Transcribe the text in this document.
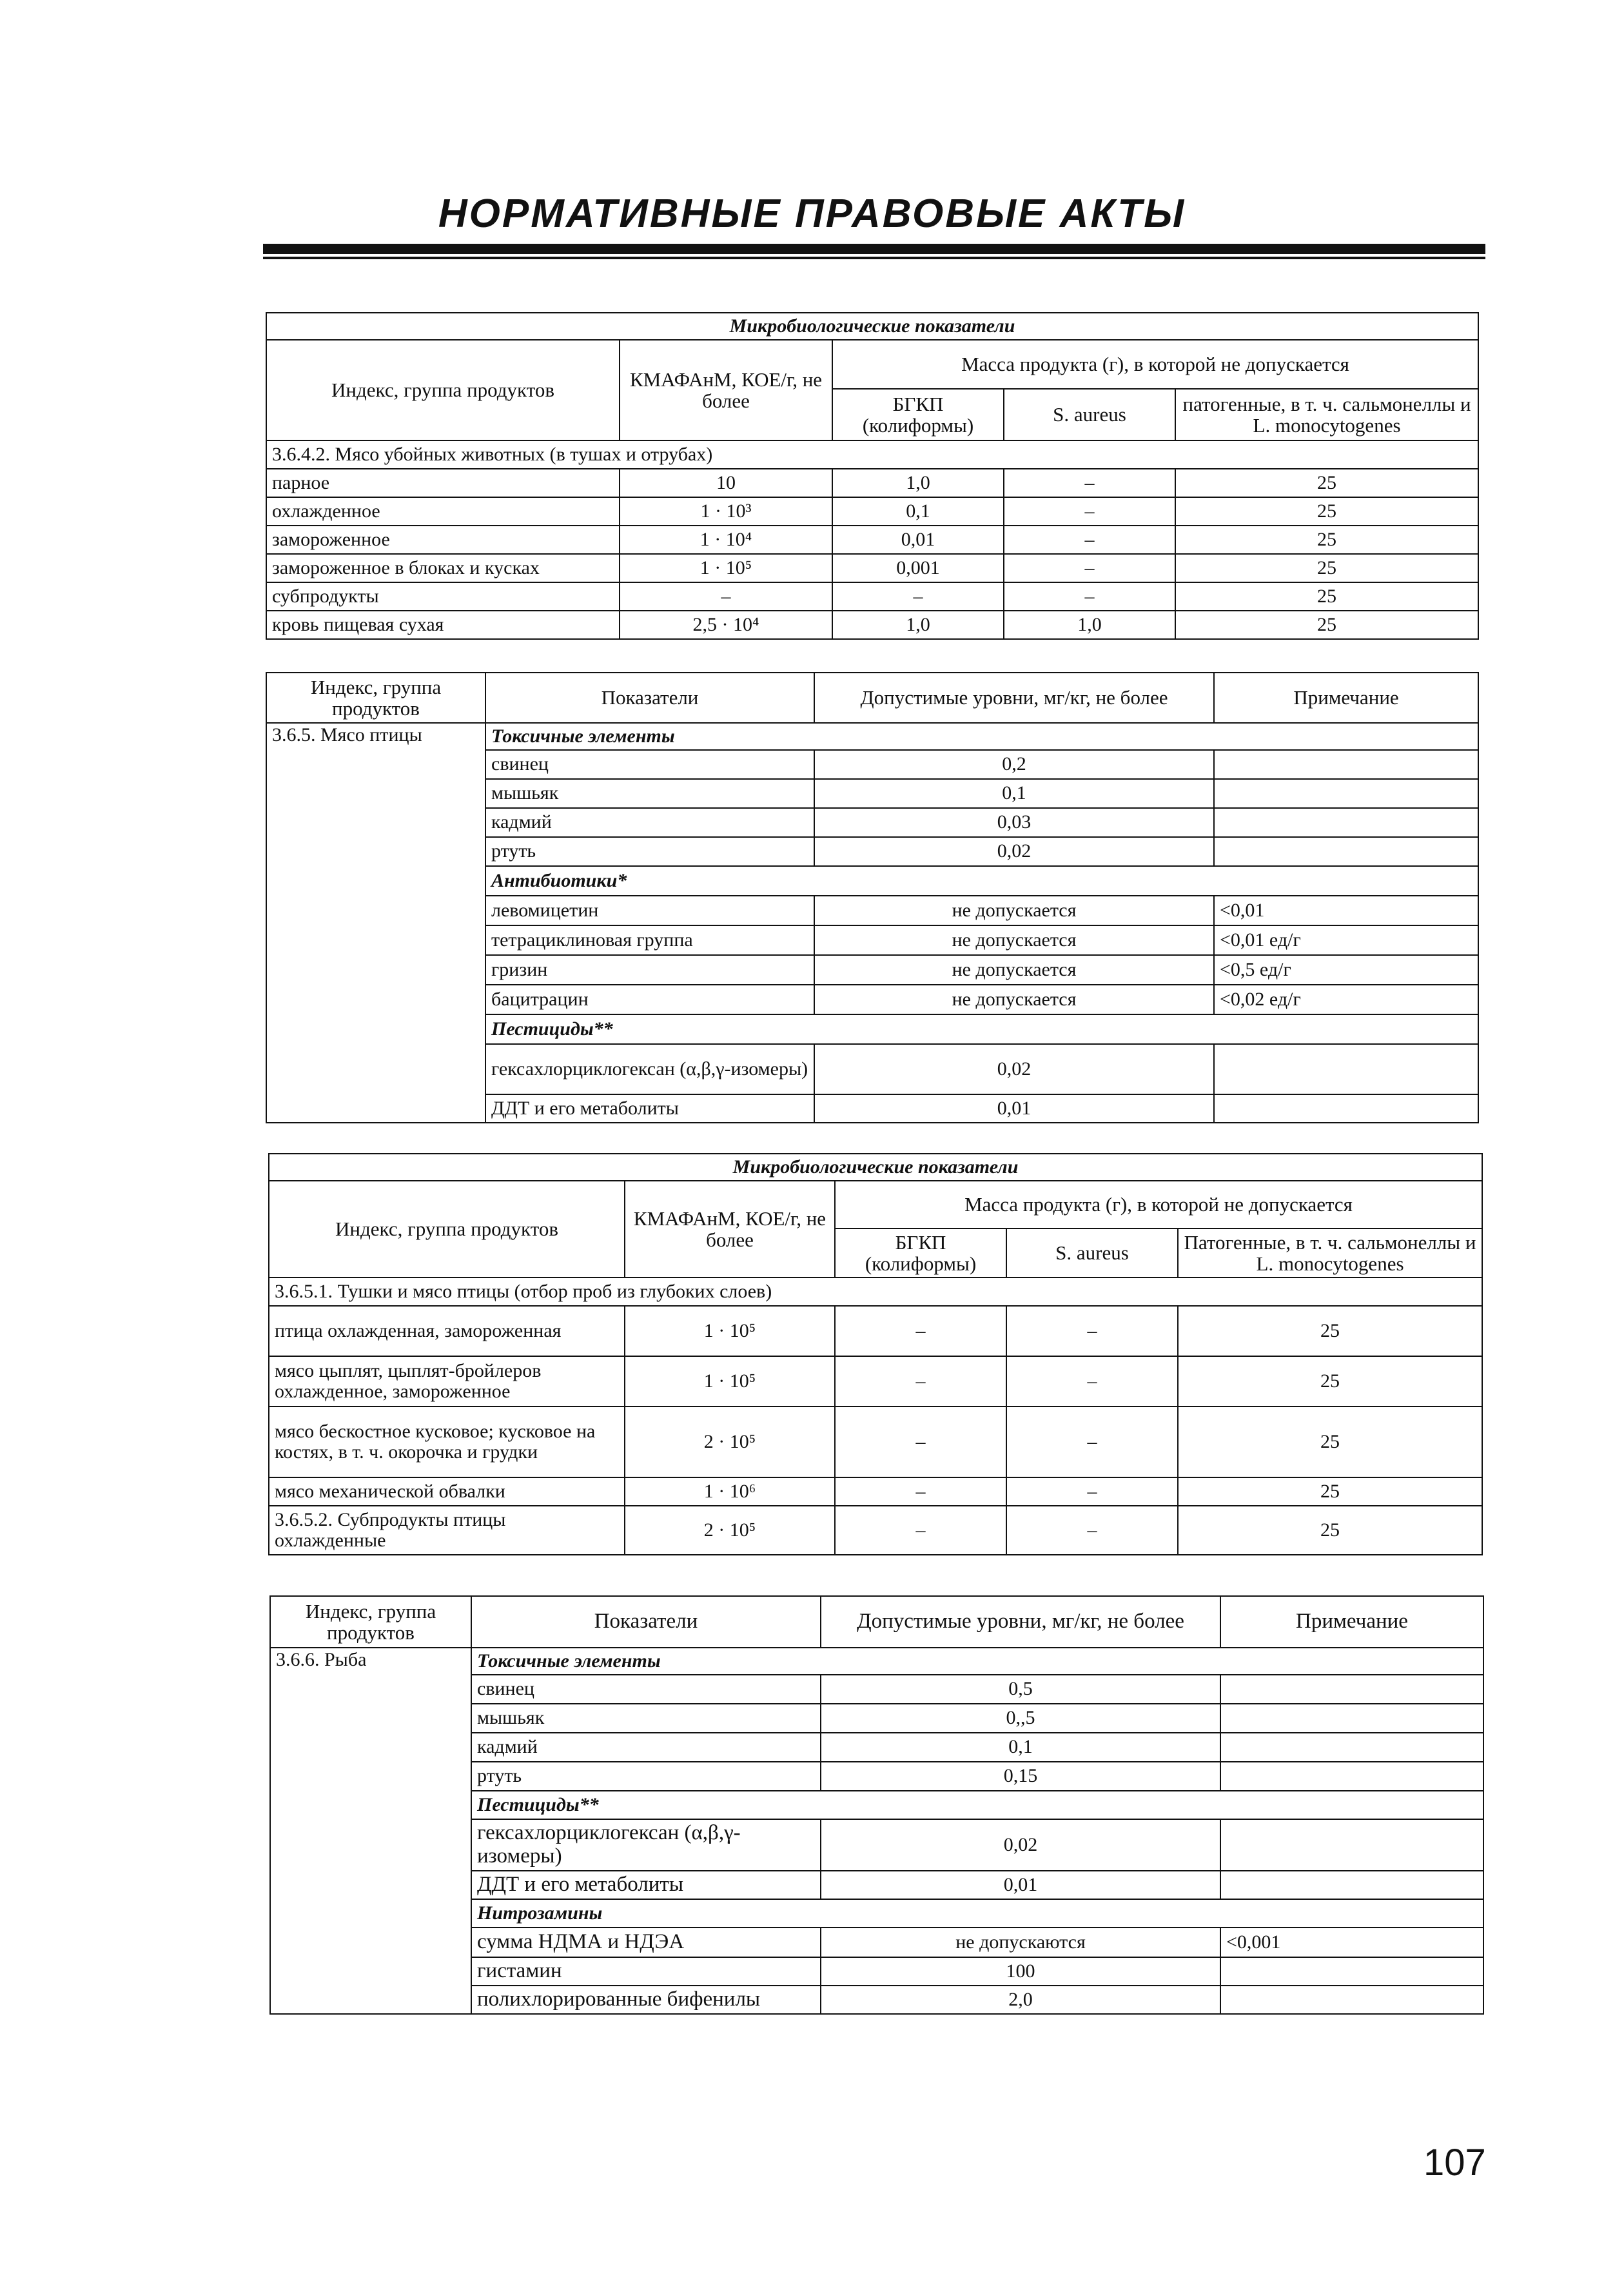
НОРМАТИВНЫЕ ПРАВОВЫЕ АКТЫ
Микробиологические показатели				
Индекс, группа продуктов	КМАФАнМ, КОЕ/г, не более	Масса продукта (г), в которой не допускается		
		БГКП (колиформы)	S. aureus	патогенные, в т. ч. сальмонеллы и L. monocytogenes
3.6.4.2. Мясо убойных животных (в тушах и отрубах)				
парное	10	1,0	–	25
охлажденное	1 · 10³	0,1	–	25
замороженное	1 · 10⁴	0,01	–	25
замороженное в блоках и кусках	1 · 10⁵	0,001	–	25
субпродукты	–	–	–	25
кровь пищевая сухая	2,5 · 10⁴	1,0	1,0	25
Индекс, группа продуктов	Показатели	Допустимые уровни, мг/кг, не более	Примечание
3.6.5. Мясо птицы	Токсичные элементы		
	свинец	0,2	
	мышьяк	0,1	
	кадмий	0,03	
	ртуть	0,02	
	Антибиотики*		
	левомицетин	не допускается	<0,01
	тетрациклиновая группа	не допускается	<0,01 ед/г
	гризин	не допускается	<0,5 ед/г
	бацитрацин	не допускается	<0,02 ед/г
	Пестициды**		
	гексахлорциклогексан (α,β,γ-изомеры)	0,02	
	ДДТ и его метаболиты	0,01	
Микробиологические показатели				
Индекс, группа продуктов	КМАФАнМ, КОЕ/г, не более	Масса продукта (г), в которой не допускается		
		БГКП (колиформы)	S. aureus	Патогенные, в т. ч. сальмонеллы и L. monocytogenes
3.6.5.1. Тушки и мясо птицы (отбор проб из глубоких слоев)				
птица охлажденная, замороженная	1 · 10⁵	–	–	25
мясо цыплят, цыплят-бройлеров охлажденное, замороженное	1 · 10⁵	–	–	25
мясо бескостное кусковое; кусковое на костях, в т. ч. окорочка и грудки	2 · 10⁵	–	–	25
мясо механической обвалки	1 · 10⁶	–	–	25
3.6.5.2. Субпродукты птицы охлажденные	2 · 10⁵	–	–	25
Индекс, группа продуктов	Показатели	Допустимые уровни, мг/кг, не более	Примечание
3.6.6. Рыба	Токсичные элементы		
	свинец	0,5	
	мышьяк	0,,5	
	кадмий	0,1	
	ртуть	0,15	
	Пестициды**		
	гексахлорциклогексан (α,β,γ-изомеры)	0,02	
	ДДТ и его метаболиты	0,01	
	Нитрозамины		
	сумма НДМА и НДЭА	не допускаются	<0,001
	гистамин	100	
	полихлорированные бифенилы	2,0	
107
